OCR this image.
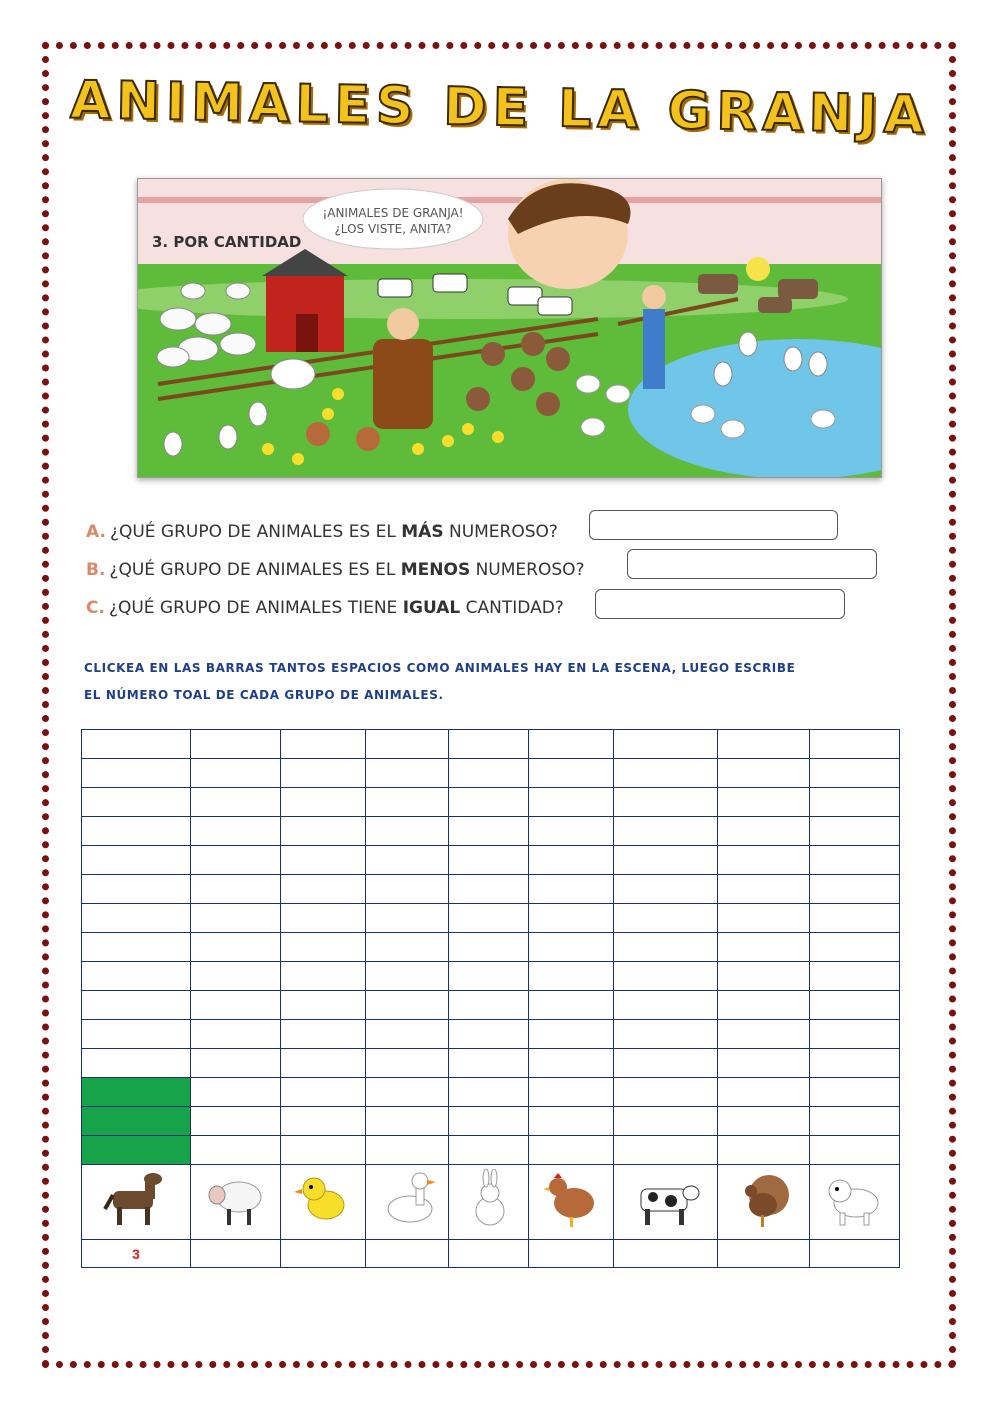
ANIMALES DE LA GRANJA
3. POR CANTIDAD
¡ANIMALES DE GRANJA!
¿LOS VISTE, ANITA?
A. ¿QUÉ GRUPO DE ANIMALES ES EL MÁS NUMEROSO?
B. ¿QUÉ GRUPO DE ANIMALES ES EL MENOS NUMEROSO?
C. ¿QUÉ GRUPO DE ANIMALES TIENE IGUAL CANTIDAD?
CLICKEA EN LAS BARRAS TANTOS ESPACIOS COMO ANIMALES HAY EN LA ESCENA, LUEGO ESCRIBE
EL NÚMERO TOAL DE CADA GRUPO DE ANIMALES.

3								
